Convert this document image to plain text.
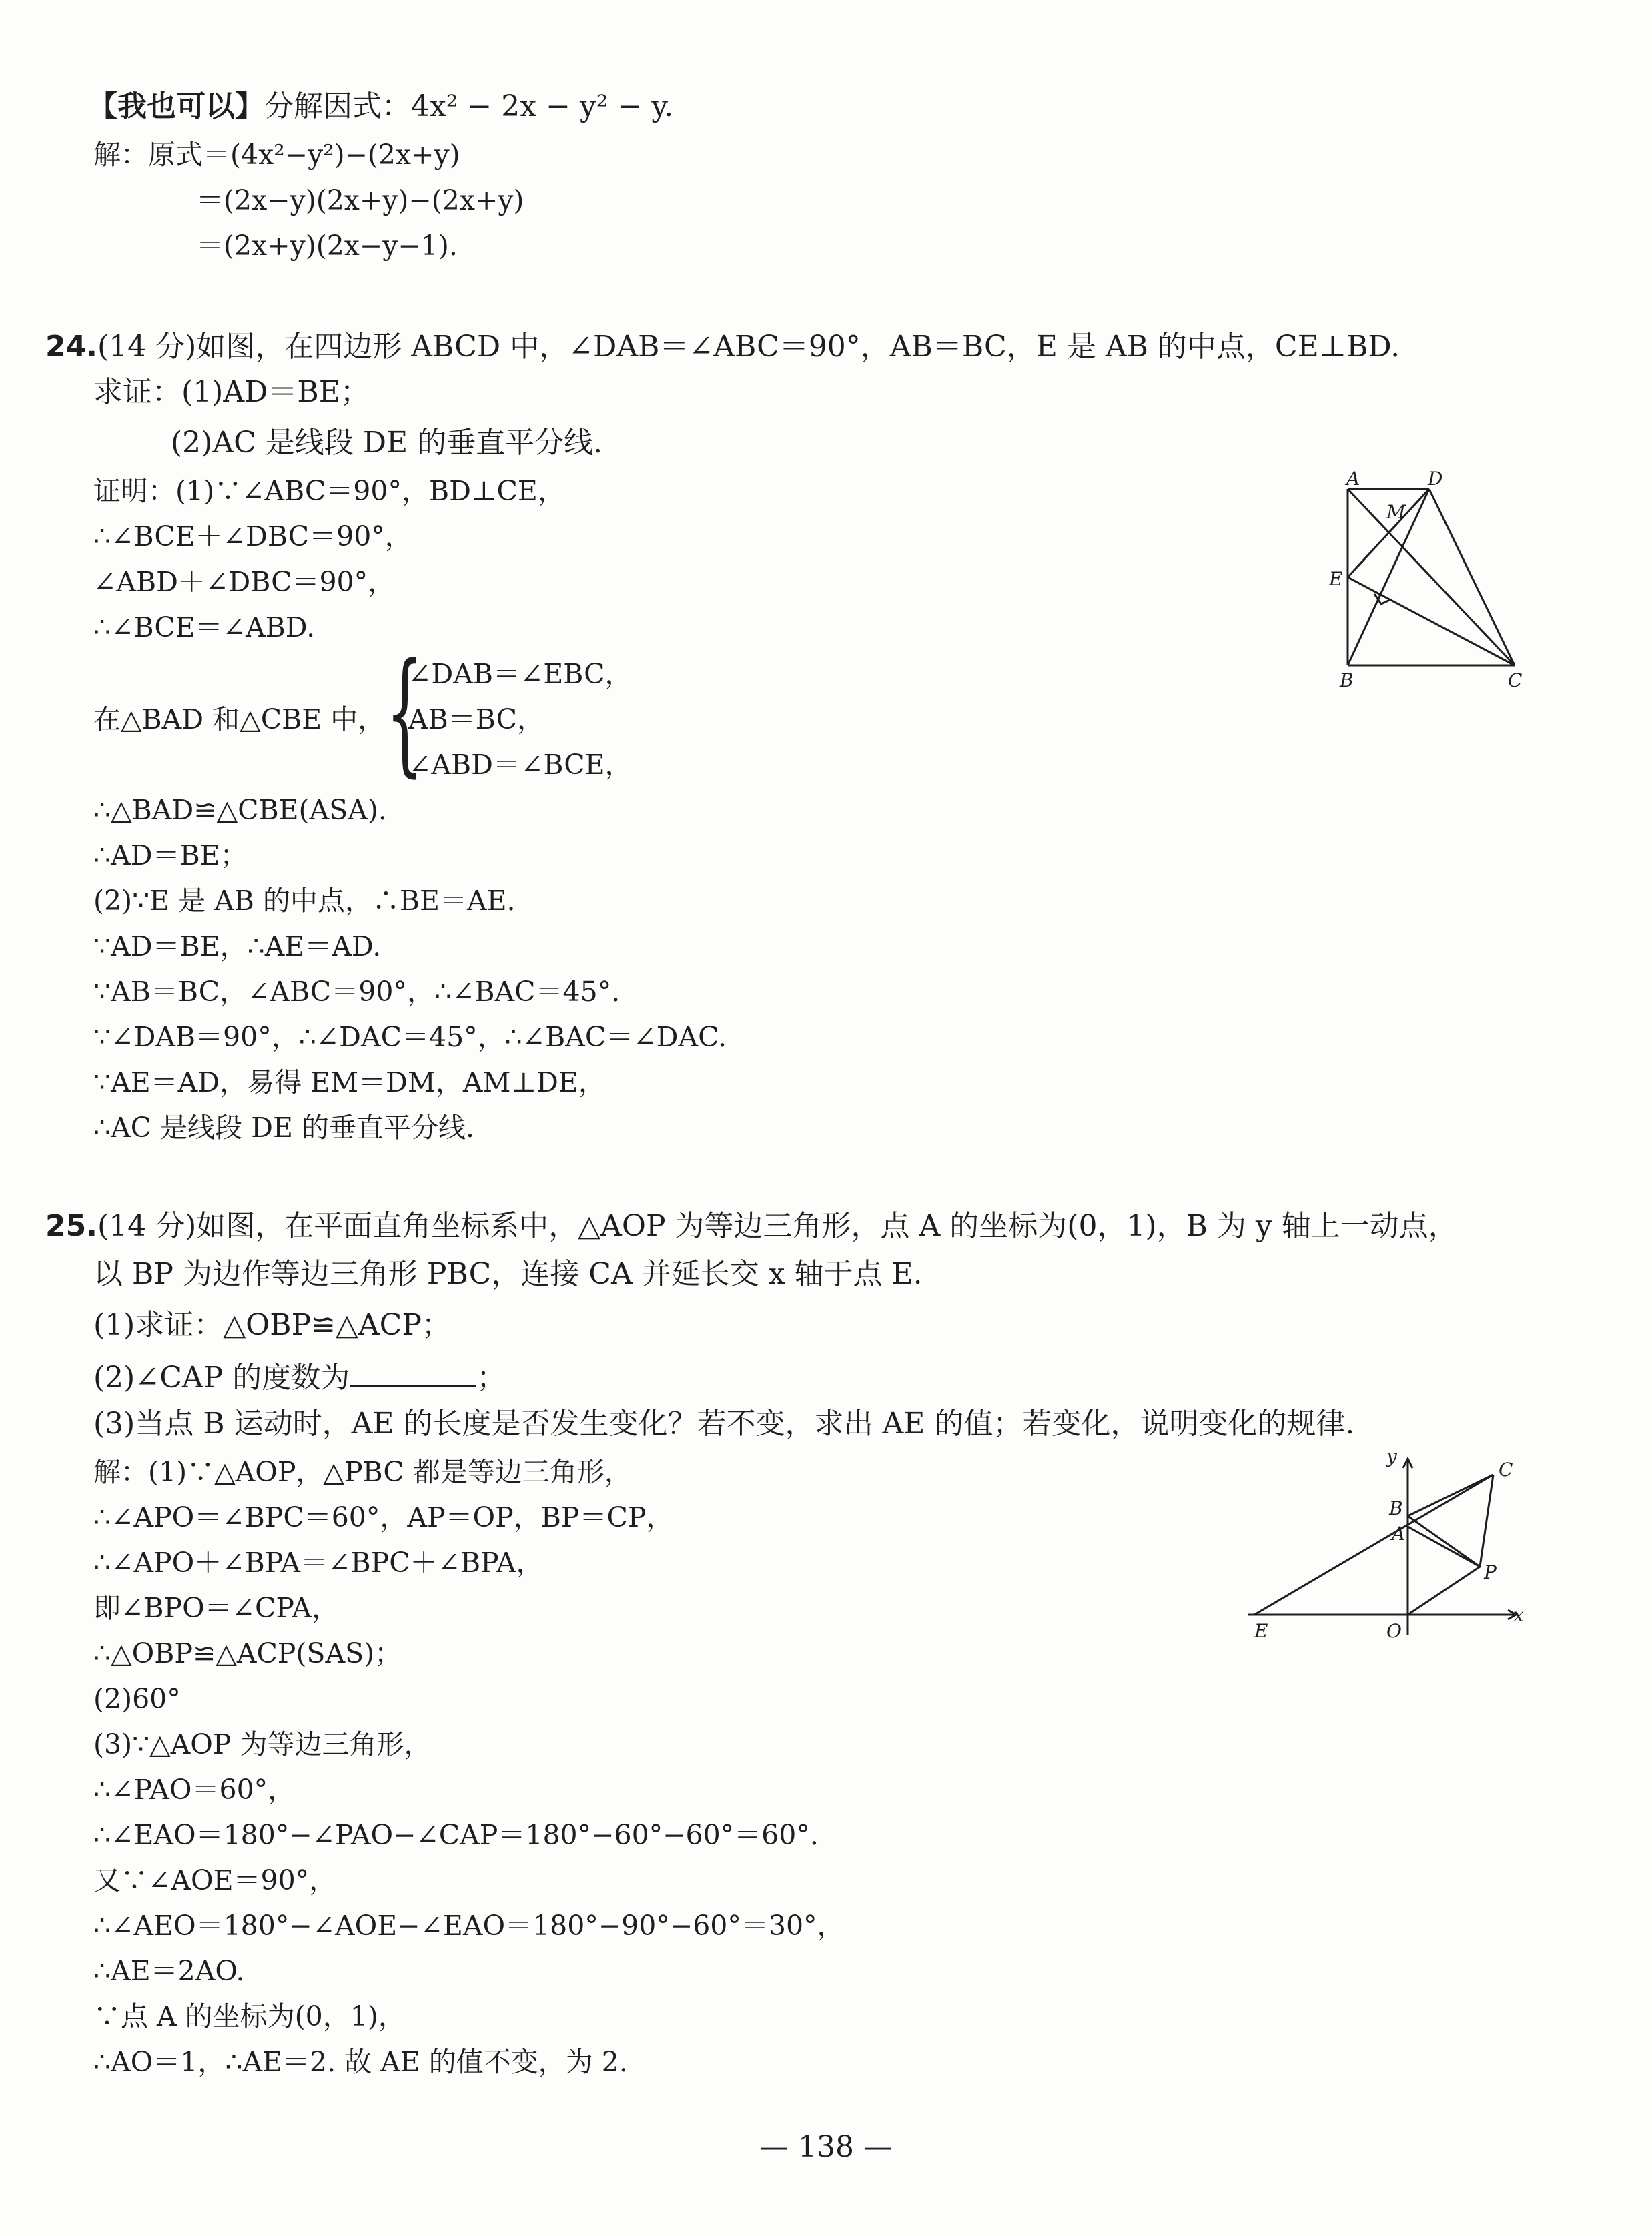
【我也可以】分解因式：4x² − 2x − y² − y.
解：原式＝(4x²−y²)−(2x+y)
＝(2x−y)(2x+y)−(2x+y)
＝(2x+y)(2x−y−1).
24.(14 分)如图，在四边形 ABCD 中，∠DAB＝∠ABC＝90°，AB＝BC，E 是 AB 的中点，CE⊥BD.
求证：(1)AD＝BE；
(2)AC 是线段 DE 的垂直平分线.
证明：(1)∵∠ABC＝90°，BD⊥CE，
∴∠BCE＋∠DBC＝90°，
∠ABD＋∠DBC＝90°，
∴∠BCE＝∠ABD.
在△BAD 和△CBE 中， {
∠DAB＝∠EBC，
AB＝BC，
∠ABD＝∠BCE，
∴△BAD≌△CBE(ASA).
∴AD＝BE；
(2)∵E 是 AB 的中点，∴BE＝AE.
∵AD＝BE，∴AE＝AD.
∵AB＝BC，∠ABC＝90°，∴∠BAC＝45°.
∵∠DAB＝90°，∴∠DAC＝45°，∴∠BAC＝∠DAC.
∵AE＝AD，易得 EM＝DM，AM⊥DE，
∴AC 是线段 DE 的垂直平分线.
A	D
M
E
B	C
25.(14 分)如图，在平面直角坐标系中，△AOP 为等边三角形，点 A 的坐标为(0，1)，B 为 y 轴上一动点，
以 BP 为边作等边三角形 PBC，连接 CA 并延长交 x 轴于点 E.
(1)求证：△OBP≌△ACP；
(2)∠CAP 的度数为	；
(3)当点 B 运动时，AE 的长度是否发生变化？若不变，求出 AE 的值；若变化，说明变化的规律.
解：(1)∵△AOP，△PBC 都是等边三角形，
∴∠APO＝∠BPC＝60°，AP＝OP，BP＝CP，
∴∠APO＋∠BPA＝∠BPC＋∠BPA，
即∠BPO＝∠CPA，
∴△OBP≌△ACP(SAS)；
(2)60°
(3)∵△AOP 为等边三角形，
∴∠PAO＝60°，
∴∠EAO＝180°−∠PAO−∠CAP＝180°−60°−60°＝60°.
又∵∠AOE＝90°，
∴∠AEO＝180°−∠AOE−∠EAO＝180°−90°−60°＝30°，
∴AE＝2AO.
∵点 A 的坐标为(0，1)，
∴AO＝1，∴AE＝2. 故 AE 的值不变，为 2.
y
C
B
A
P
E	O
x
— 138 —
